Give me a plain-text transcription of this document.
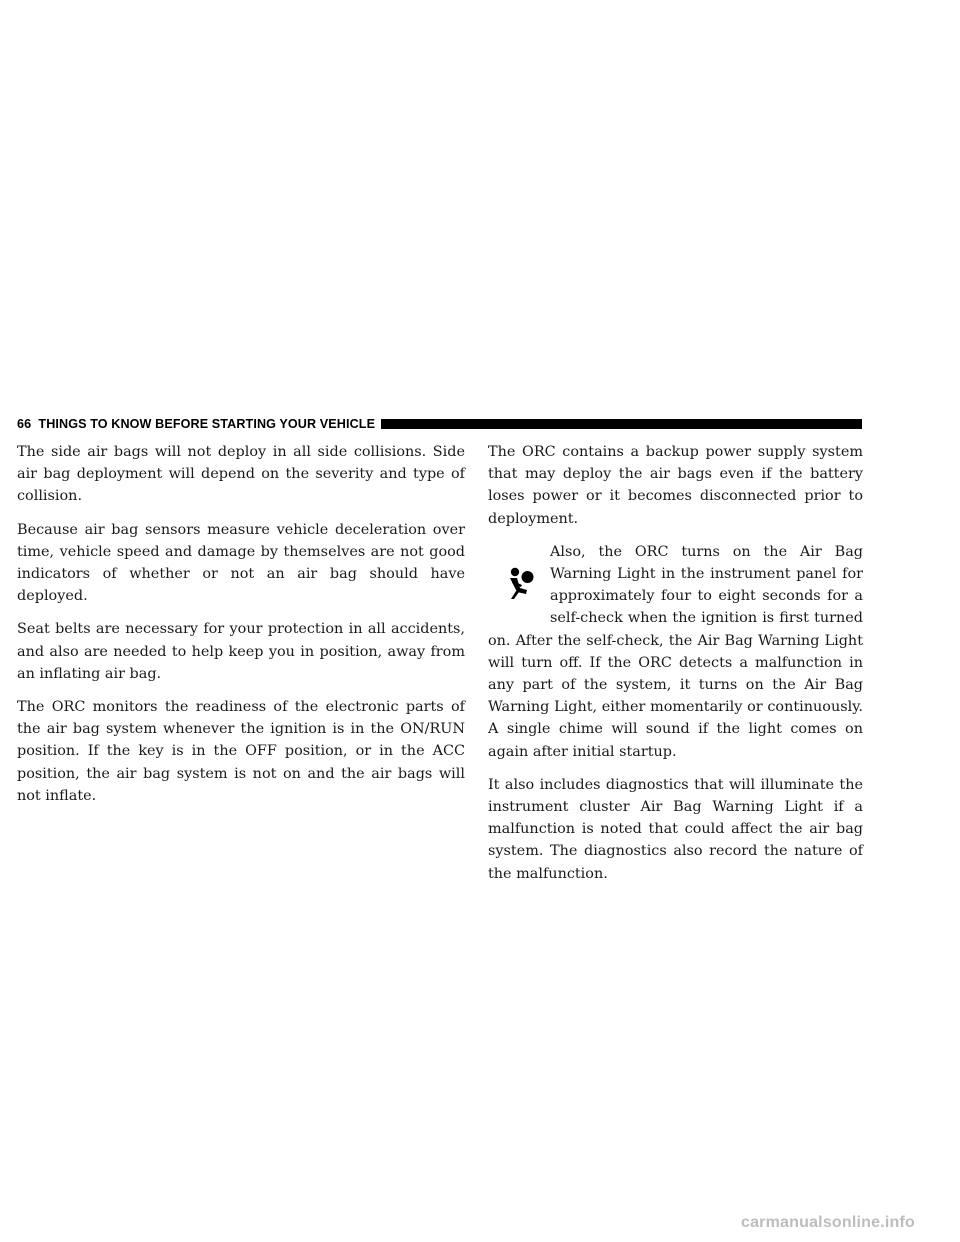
66 THINGS TO KNOW BEFORE STARTING YOUR VEHICLE

The side air bags will not deploy in all side collisions. Side air bag deployment will depend on the severity and type of collision.

Because air bag sensors measure vehicle deceleration over time, vehicle speed and damage by themselves are not good indicators of whether or not an air bag should have deployed.

Seat belts are necessary for your protection in all accidents, and also are needed to help keep you in position, away from an inflating air bag.

The ORC monitors the readiness of the electronic parts of the air bag system whenever the ignition is in the ON/RUN position. If the key is in the OFF position, or in the ACC position, the air bag system is not on and the air bags will not inflate.

The ORC contains a backup power supply system that may deploy the air bags even if the battery loses power or it becomes disconnected prior to deployment.

Also, the ORC turns on the Air Bag Warning Light in the instrument panel for approximately four to eight seconds for a self-check when the ignition is first turned on. After the self-check, the Air Bag Warning Light will turn off. If the ORC detects a malfunction in any part of the system, it turns on the Air Bag Warning Light, either momentarily or continuously. A single chime will sound if the light comes on again after initial startup.

It also includes diagnostics that will illuminate the instrument cluster Air Bag Warning Light if a malfunction is noted that could affect the air bag system. The diagnostics also record the nature of the malfunction.

carmanualsonline.info
